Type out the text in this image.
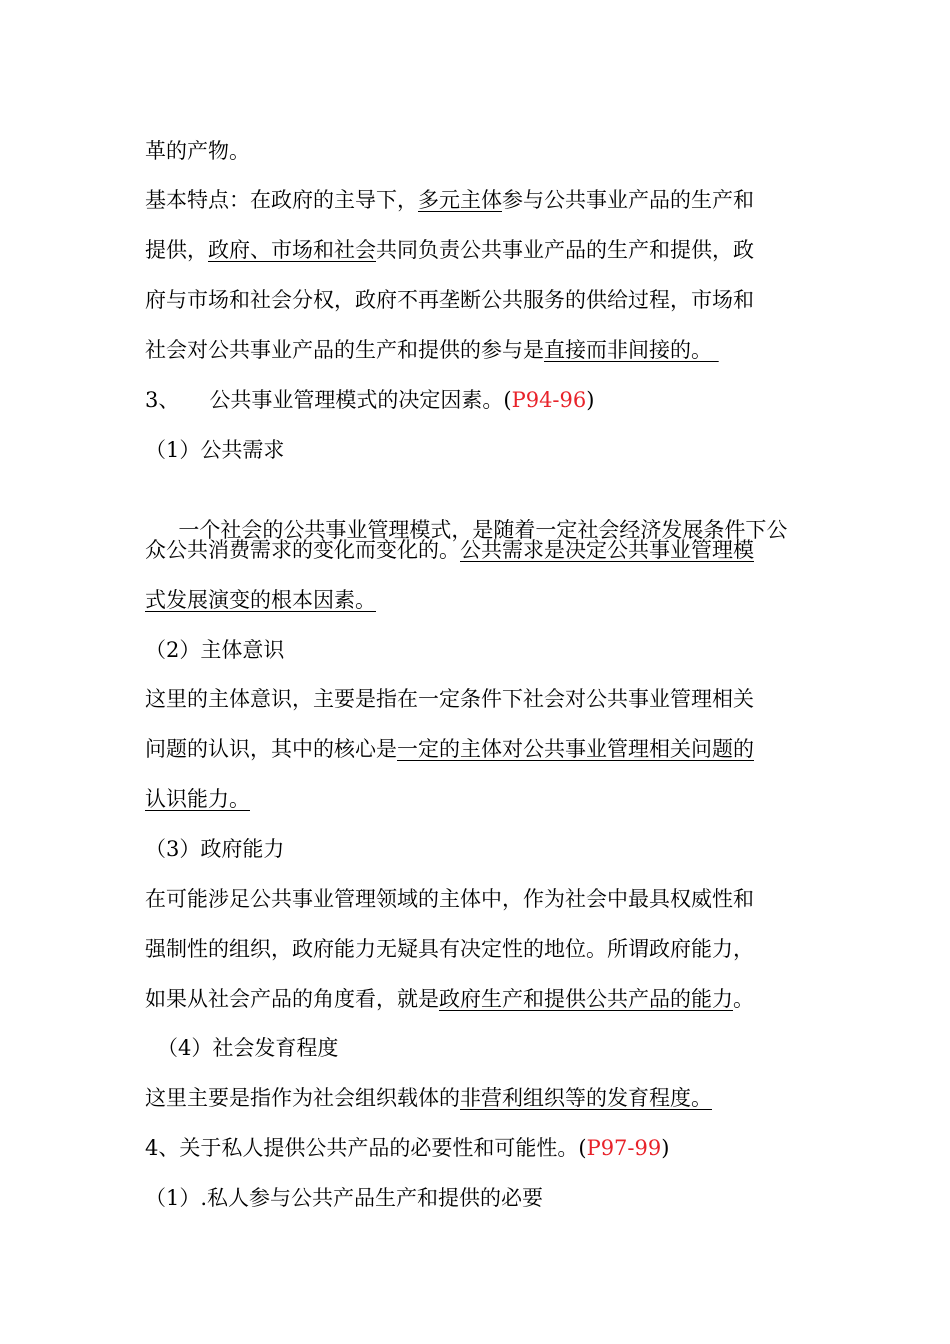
革的产物。
基本特点：在政府的主导下，多元主体参与公共事业产品的生产和
提供，政府、市场和社会共同负责公共事业产品的生产和提供，政
府与市场和社会分权，政府不再垄断公共服务的供给过程，市场和
社会对公共事业产品的生产和提供的参与是直接而非间接的。
3、 公共事业管理模式的决定因素。(P94-96)
（1）公共需求

一个社会的公共事业管理模式，是随着一定社会经济发展条件下公

众公共消费需求的变化而变化的。公共需求是决定公共事业管理模
式发展演变的根本因素。
（2）主体意识
这里的主体意识，主要是指在一定条件下社会对公共事业管理相关
问题的认识，其中的核心是一定的主体对公共事业管理相关问题的
认识能力。
（3）政府能力
在可能涉足公共事业管理领域的主体中，作为社会中最具权威性和
强制性的组织，政府能力无疑具有决定性的地位。所谓政府能力，
如果从社会产品的角度看，就是政府生产和提供公共产品的能力。
（4）社会发育程度
这里主要是指作为社会组织载体的非营利组织等的发育程度。
4、关于私人提供公共产品的必要性和可能性。(P97-99)
（1）.私人参与公共产品生产和提供的必要
